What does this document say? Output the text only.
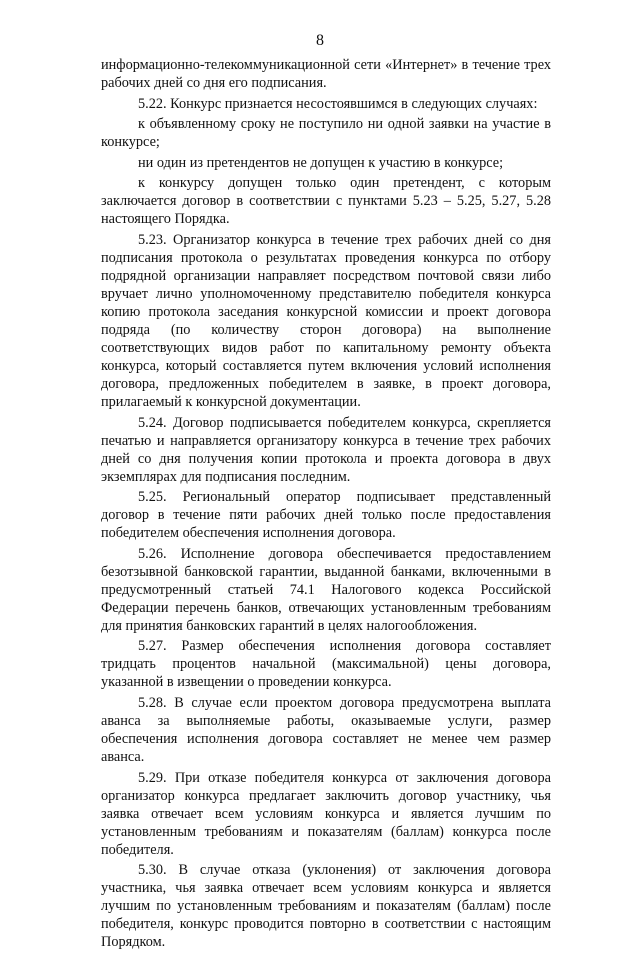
8

информационно-телекоммуникационной сети «Интернет» в течение трех рабочих дней со дня его подписания.

5.22. Конкурс признается несостоявшимся в следующих случаях:

к объявленному сроку не поступило ни одной заявки на участие в конкурсе;

ни один из претендентов не допущен к участию в конкурсе;

к конкурсу допущен только один претендент, с которым заключается договор в соответствии с пунктами 5.23 – 5.25, 5.27, 5.28 настоящего Порядка.

5.23. Организатор конкурса в течение трех рабочих дней со дня подписания протокола о результатах проведения конкурса по отбору подрядной организации направляет посредством почтовой связи либо вручает лично уполномоченному представителю победителя конкурса копию протокола заседания конкурсной комиссии и проект договора подряда (по количеству сторон договора) на выполнение соответствующих видов работ по капитальному ремонту объекта конкурса, который составляется путем включения условий исполнения договора, предложенных победителем в заявке, в проект договора, прилагаемый к конкурсной документации.

5.24. Договор подписывается победителем конкурса, скрепляется печатью и направляется организатору конкурса в течение трех рабочих дней со дня получения копии протокола и проекта договора в двух экземплярах для подписания последним.

5.25. Региональный оператор подписывает представленный договор в течение пяти рабочих дней только после предоставления победителем обеспечения исполнения договора.

5.26. Исполнение договора обеспечивается предоставлением безотзывной банковской гарантии, выданной банками, включенными в предусмотренный статьей 74.1 Налогового кодекса Российской Федерации перечень банков, отвечающих установленным требованиям для принятия банковских гарантий в целях налогообложения.

5.27. Размер обеспечения исполнения договора составляет тридцать процентов начальной (максимальной) цены договора, указанной в извещении о проведении конкурса.

5.28. В случае если проектом договора предусмотрена выплата аванса за выполняемые работы, оказываемые услуги, размер обеспечения исполнения договора составляет не менее чем размер аванса.

5.29. При отказе победителя конкурса от заключения договора организатор конкурса предлагает заключить договор участнику, чья заявка отвечает всем условиям конкурса и является лучшим по установленным требованиям и показателям (баллам) конкурса после победителя.

5.30. В случае отказа (уклонения) от заключения договора участника, чья заявка отвечает всем условиям конкурса и является лучшим по установленным требованиям и показателям (баллам) после победителя, конкурс проводится повторно в соответствии с настоящим Порядком.
